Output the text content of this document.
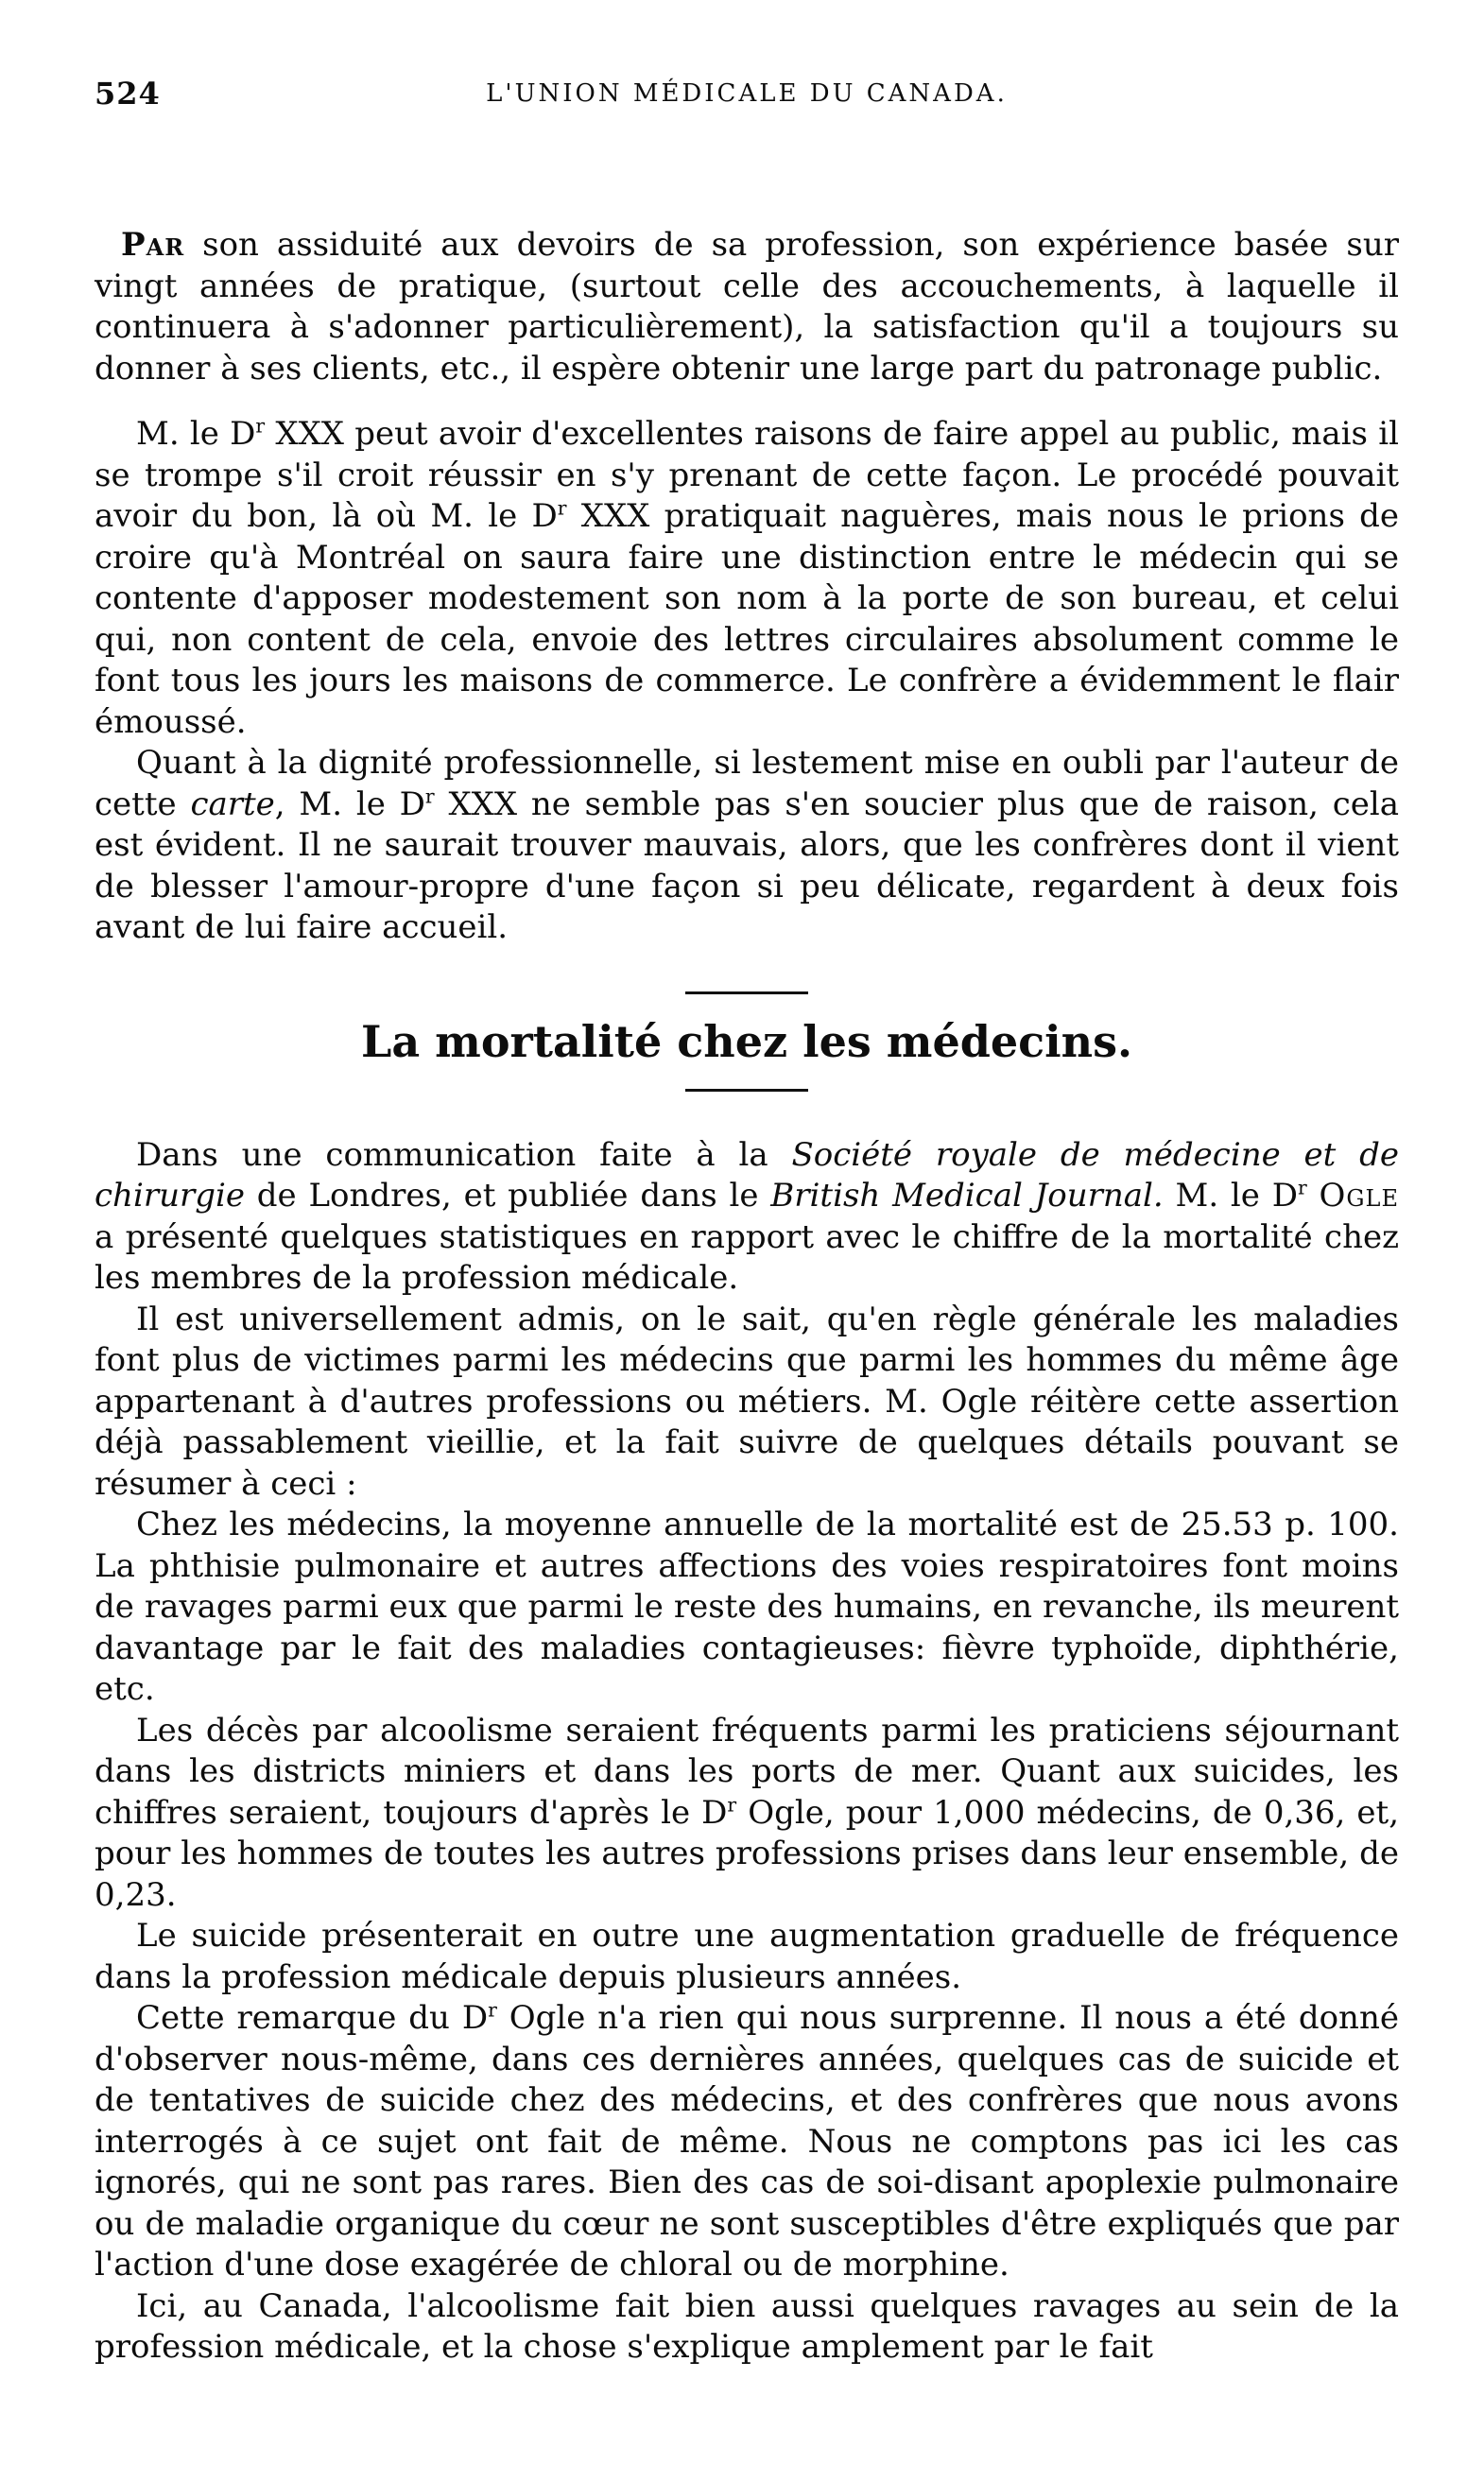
524	L'UNION MÉDICALE DU CANADA.

Par son assiduité aux devoirs de sa profession, son expérience basée sur vingt années de pratique, (surtout celle des accouchements, à laquelle il continuera à s'adonner particulièrement), la satisfaction qu'il a toujours su donner à ses clients, etc., il espère obtenir une large part du patronage public.

M. le $D^r$ XXX peut avoir d'excellentes raisons de faire appel au public, mais il se trompe s'il croit réussir en s'y prenant de cette façon. Le procédé pouvait avoir du bon, là où M. le $D^r$ XXX pratiquait naguères, mais nous le prions de croire qu'à Montréal on saura faire une distinction entre le médecin qui se contente d'apposer modestement son nom à la porte de son bureau, et celui qui, non content de cela, envoie des lettres circulaires absolument comme le font tous les jours les maisons de commerce. Le confrère a évidemment le flair émoussé.

Quant à la dignité professionnelle, si lestement mise en oubli par l'auteur de cette carte, M. le $D^r$ XXX ne semble pas s'en soucier plus que de raison, cela est évident. Il ne saurait trouver mauvais, alors, que les confrères dont il vient de blesser l'amour-propre d'une façon si peu délicate, regardent à deux fois avant de lui faire accueil.

La mortalité chez les médecins.

Dans une communication faite à la Société royale de médecine et de chirurgie de Londres, et publiée dans le British Medical Journal. M. le $D^r$ Ogle a présenté quelques statistiques en rapport avec le chiffre de la mortalité chez les membres de la profession médicale.

Il est universellement admis, on le sait, qu'en règle générale les maladies font plus de victimes parmi les médecins que parmi les hommes du même âge appartenant à d'autres professions ou métiers. M. Ogle réitère cette assertion déjà passablement vieillie, et la fait suivre de quelques détails pouvant se résumer à ceci :

Chez les médecins, la moyenne annuelle de la mortalité est de 25.53 p. 100. La phthisie pulmonaire et autres affections des voies respiratoires font moins de ravages parmi eux que parmi le reste des humains, en revanche, ils meurent davantage par le fait des maladies contagieuses: fièvre typhoïde, diphthérie, etc.

Les décès par alcoolisme seraient fréquents parmi les praticiens séjournant dans les districts miniers et dans les ports de mer. Quant aux suicides, les chiffres seraient, toujours d'après le $D^r$ Ogle, pour 1,000 médecins, de 0,36, et, pour les hommes de toutes les autres professions prises dans leur ensemble, de 0,23.

Le suicide présenterait en outre une augmentation graduelle de fréquence dans la profession médicale depuis plusieurs années.

Cette remarque du $D^r$ Ogle n'a rien qui nous surprenne. Il nous a été donné d'observer nous-même, dans ces dernières années, quelques cas de suicide et de tentatives de suicide chez des médecins, et des confrères que nous avons interrogés à ce sujet ont fait de même. Nous ne comptons pas ici les cas ignorés, qui ne sont pas rares. Bien des cas de soi-disant apoplexie pulmonaire ou de maladie organique du cœur ne sont susceptibles d'être expliqués que par l'action d'une dose exagérée de chloral ou de morphine.

Ici, au Canada, l'alcoolisme fait bien aussi quelques ravages au sein de la profession médicale, et la chose s'explique amplement par le fait
